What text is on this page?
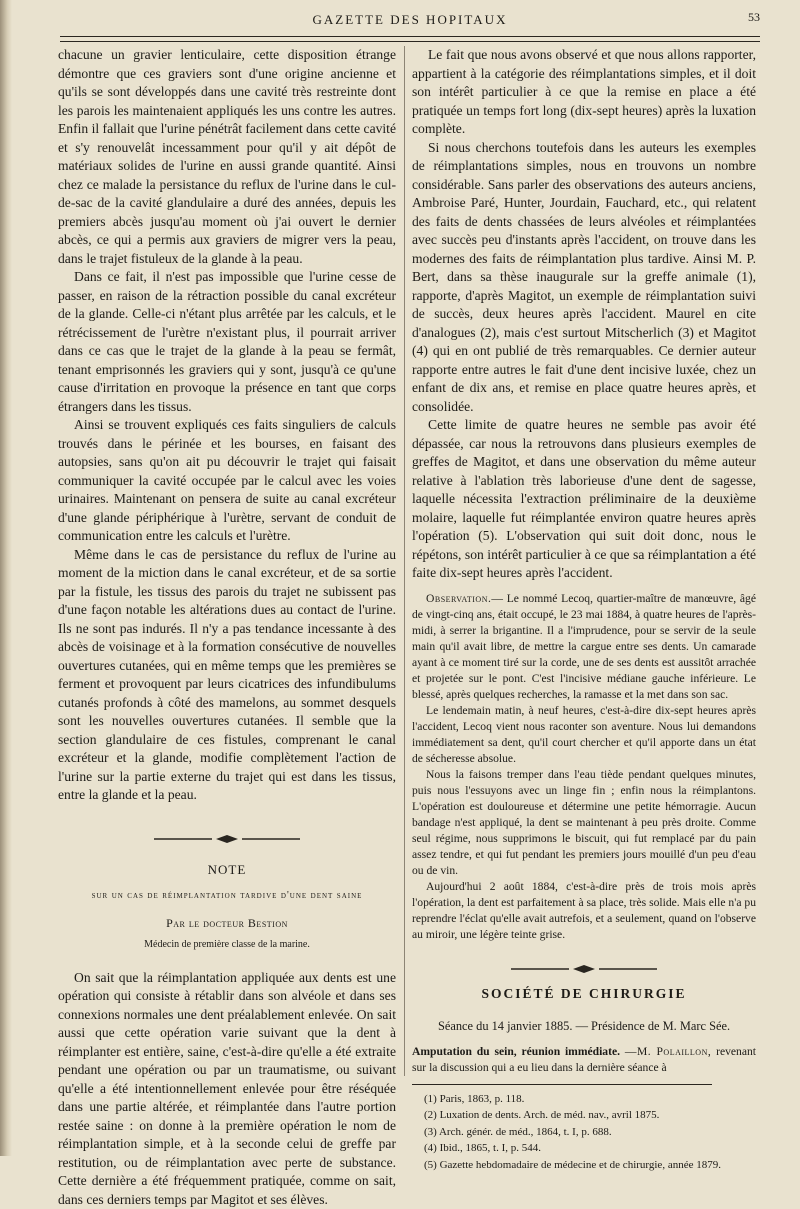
GAZETTE DES HOPITAUX	53

chacune un gravier lenticulaire, cette disposition étrange démontre que ces graviers sont d'une origine ancienne et qu'ils se sont développés dans une cavité très restreinte dont les parois les maintenaient appliqués les uns contre les autres. Enfin il fallait que l'urine pénétrât facilement dans cette cavité et s'y renouvelât incessamment pour qu'il y ait dépôt de matériaux solides de l'urine en aussi grande quantité. Ainsi chez ce malade la persistance du reflux de l'urine dans le cul-de-sac de la cavité glandulaire a duré des années, depuis les premiers abcès jusqu'au moment où j'ai ouvert le dernier abcès, ce qui a permis aux graviers de migrer vers la peau, dans le trajet fistuleux de la glande à la peau.

Dans ce fait, il n'est pas impossible que l'urine cesse de passer, en raison de la rétraction possible du canal excréteur de la glande. Celle-ci n'étant plus arrêtée par les calculs, et le rétrécissement de l'urètre n'existant plus, il pourrait arriver dans ce cas que le trajet de la glande à la peau se fermât, tenant emprisonnés les graviers qui y sont, jusqu'à ce qu'une cause d'irritation en provoque la présence en tant que corps étrangers dans les tissus.

Ainsi se trouvent expliqués ces faits singuliers de calculs trouvés dans le périnée et les bourses, en faisant des autopsies, sans qu'on ait pu découvrir le trajet qui faisait communiquer la cavité occupée par le calcul avec les voies urinaires. Maintenant on pensera de suite au canal excréteur d'une glande périphérique à l'urètre, servant de conduit de communication entre les calculs et l'urètre.

Même dans le cas de persistance du reflux de l'urine au moment de la miction dans le canal excréteur, et de sa sortie par la fistule, les tissus des parois du trajet ne subissent pas d'une façon notable les altérations dues au contact de l'urine. Ils ne sont pas indurés. Il n'y a pas tendance incessante à des abcès de voisinage et à la formation consécutive de nouvelles ouvertures cutanées, qui en même temps que les premières se ferment et provoquent par leurs cicatrices des infundibulums cutanés profonds à côté des mamelons, au sommet desquels sont les nouvelles ouvertures cutanées. Il semble que la section glandulaire de ces fistules, comprenant le canal excréteur et la glande, modifie complètement l'action de l'urine sur la partie externe du trajet qui est dans les tissus, entre la glande et la peau.

NOTE
sur un cas de réimplantation tardive d'une dent saine
Par le docteur Bestion
Médecin de première classe de la marine.

On sait que la réimplantation appliquée aux dents est une opération qui consiste à rétablir dans son alvéole et dans ses connexions normales une dent préalablement enlevée. On sait aussi que cette opération varie suivant que la dent à réimplanter est entière, saine, c'est-à-dire qu'elle a été extraite pendant une opération ou par un traumatisme, ou suivant qu'elle a été intentionnellement enlevée pour être réséquée dans une partie altérée, et réimplantée dans l'autre portion restée saine : on donne à la première opération le nom de réimplantation simple, et à la seconde celui de greffe par restitution, ou de réimplantation avec perte de substance. Cette dernière a été fréquemment pratiquée, comme on sait, dans ces derniers temps par Magitot et ses élèves.

Le fait que nous avons observé et que nous allons rapporter, appartient à la catégorie des réimplantations simples, et il doit son intérêt particulier à ce que la remise en place a été pratiquée un temps fort long (dix-sept heures) après la luxation complète.

Si nous cherchons toutefois dans les auteurs les exemples de réimplantations simples, nous en trouvons un nombre considérable. Sans parler des observations des auteurs anciens, Ambroise Paré, Hunter, Jourdain, Fauchard, etc., qui relatent des faits de dents chassées de leurs alvéoles et réimplantées avec succès peu d'instants après l'accident, on trouve dans les modernes des faits de réimplantation plus tardive. Ainsi M. P. Bert, dans sa thèse inaugurale sur la greffe animale (1), rapporte, d'après Magitot, un exemple de réimplantation suivi de succès, deux heures après l'accident. Maurel en cite d'analogues (2), mais c'est surtout Mitscherlich (3) et Magitot (4) qui en ont publié de très remarquables. Ce dernier auteur rapporte entre autres le fait d'une dent incisive luxée, chez un enfant de dix ans, et remise en place quatre heures après, et consolidée.

Cette limite de quatre heures ne semble pas avoir été dépassée, car nous la retrouvons dans plusieurs exemples de greffes de Magitot, et dans une observation du même auteur relative à l'ablation très laborieuse d'une dent de sagesse, laquelle nécessita l'extraction préliminaire de la deuxième molaire, laquelle fut réimplantée environ quatre heures après l'opération (5). L'observation qui suit doit donc, nous le répétons, son intérêt particulier à ce que sa réimplantation a été faite dix-sept heures après l'accident.

Observation.— Le nommé Lecoq, quartier-maître de manœuvre, âgé de vingt-cinq ans, était occupé, le 23 mai 1884, à quatre heures de l'après-midi, à serrer la brigantine. Il a l'imprudence, pour se servir de la seule main qu'il avait libre, de mettre la cargue entre ses dents. Un camarade ayant à ce moment tiré sur la corde, une de ses dents est aussitôt arrachée et projetée sur le pont. C'est l'incisive médiane gauche inférieure. Le blessé, après quelques recherches, la ramasse et la met dans son sac.

Le lendemain matin, à neuf heures, c'est-à-dire dix-sept heures après l'accident, Lecoq vient nous raconter son aventure. Nous lui demandons immédiatement sa dent, qu'il court chercher et qu'il apporte dans un état de sécheresse absolue.

Nous la faisons tremper dans l'eau tiède pendant quelques minutes, puis nous l'essuyons avec un linge fin ; enfin nous la réimplantons. L'opération est douloureuse et détermine une petite hémorragie. Aucun bandage n'est appliqué, la dent se maintenant à peu près droite. Comme seul régime, nous supprimons le biscuit, qui fut remplacé par du pain assez tendre, et qui fut pendant les premiers jours mouillé d'un peu d'eau ou de vin.

Aujourd'hui 2 août 1884, c'est-à-dire près de trois mois après l'opération, la dent est parfaitement à sa place, très solide. Mais elle n'a pu reprendre l'éclat qu'elle avait autrefois, et a seulement, quand on l'observe au miroir, une légère teinte grise.

SOCIÉTÉ DE CHIRURGIE
Séance du 14 janvier 1885. — Présidence de M. Marc Sée.

Amputation du sein, réunion immédiate. —M. Polaillon, revenant sur la discussion qui a eu lieu dans la dernière séance à

(1) Paris, 1863, p. 118.
(2) Luxation de dents. Arch. de méd. nav., avril 1875.
(3) Arch. génér. de méd., 1864, t. I, p. 688.
(4) Ibid., 1865, t. I, p. 544.
(5) Gazette hebdomadaire de médecine et de chirurgie, année 1879.
